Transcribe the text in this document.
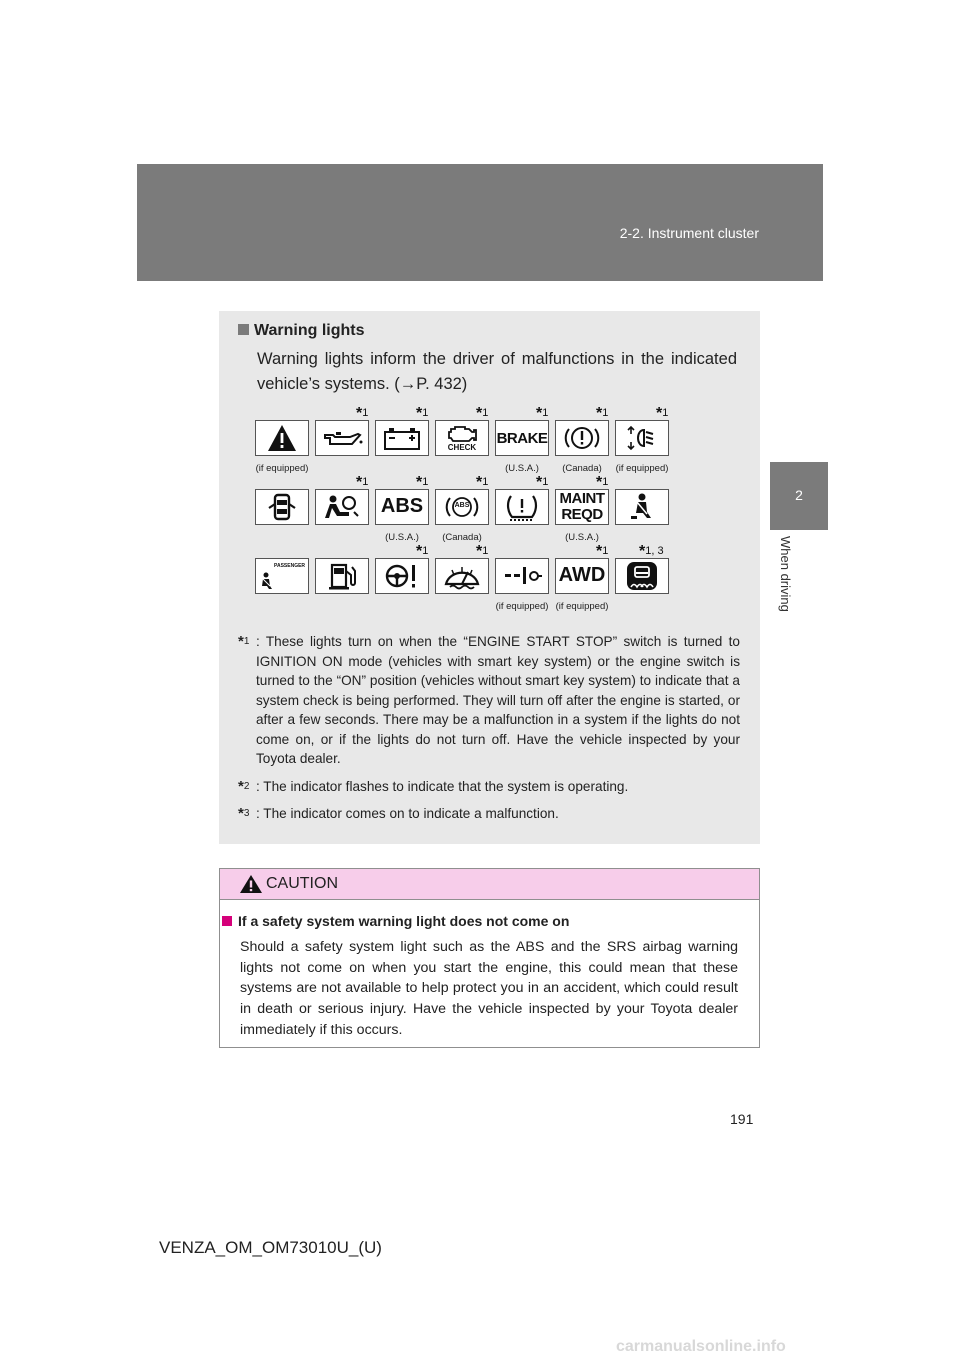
2-2. Instrument cluster
2
When driving
Warning lights
Warning lights inform the driver of malfunctions in the indicated vehicle’s systems. (→P. 432)
CHECK
BRAKE
*1	*1	*1	*1	*1	*1
(if equipped)	(U.S.A.)	(Canada)	(if equipped)
ABS	ABS	MAINT
REQD
*1	*1	*1	*1	*1
(U.S.A.)	(Canada)	(U.S.A.)
PASSENGER	AWD
*1	*1	*1 *1, 3
(if equipped) (if equipped)
*1 : These lights turn on when the “ENGINE START STOP” switch is turned to IGNITION ON mode (vehicles with smart key system) or the engine switch is turned to the “ON” position (vehicles without smart key system) to indicate that a system check is being performed. They will turn off after the engine is started, or after a few seconds. There may be a malfunction in a system if the lights do not come on, or if the lights do not turn off. Have the vehicle inspected by your Toyota dealer.
*2 : The indicator flashes to indicate that the system is operating.
*3 : The indicator comes on to indicate a malfunction.
CAUTION
If a safety system warning light does not come on
Should a safety system light such as the ABS and the SRS airbag warning lights not come on when you start the engine, this could mean that these systems are not available to help protect you in an accident, which could result in death or serious injury. Have the vehicle inspected by your Toyota dealer immediately if this occurs.
191
VENZA_OM_OM73010U_(U)
carmanualsonline.info
